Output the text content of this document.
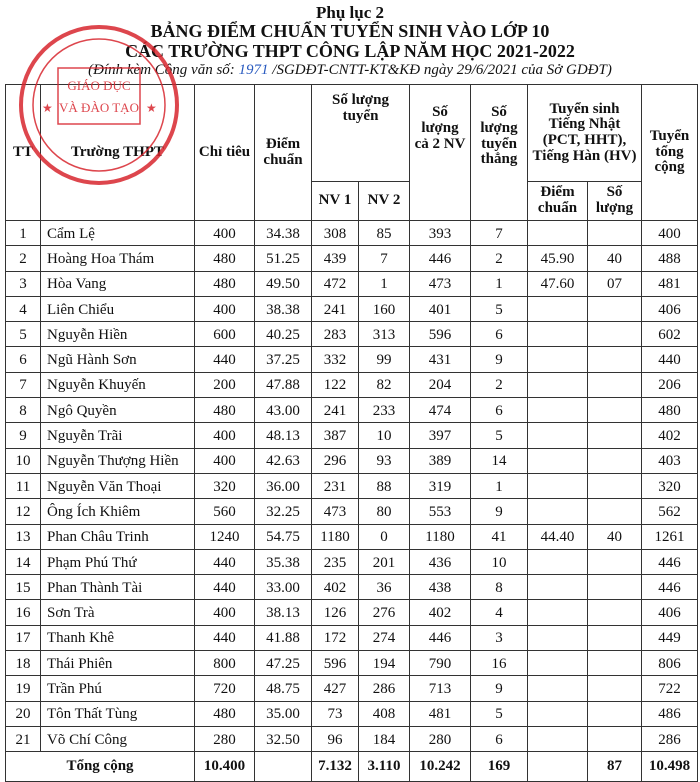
Phụ lục 2
BẢNG ĐIỂM CHUẨN TUYỂN SINH VÀO LỚP 10
CÁC TRƯỜNG THPT CÔNG LẬP NĂM HỌC 2021-2022
(Đính kèm Công văn số: 1971 /SGDĐT-CNTT-KT&KĐ ngày 29/6/2021 của Sở GDĐT)
TT	Trường THPT	Chỉ tiêu	Điểm chuẩn	Số lượng tuyển		Số lượng cả 2 NV	Số lượng tuyển thẳng	Tuyển sinh Tiếng Nhật (PCT, HHT), Tiếng Hàn (HV)		Tuyển tổng cộng
				NV 1	NV 2			Điểm chuẩn	Số lượng	
1	Cẩm Lệ	400	34.38	308	85	393	7			400
2	Hoàng Hoa Thám	480	51.25	439	7	446	2	45.90	40	488
3	Hòa Vang	480	49.50	472	1	473	1	47.60	07	481
4	Liên Chiểu	400	38.38	241	160	401	5			406
5	Nguyễn Hiền	600	40.25	283	313	596	6			602
6	Ngũ Hành Sơn	440	37.25	332	99	431	9			440
7	Nguyễn Khuyến	200	47.88	122	82	204	2			206
8	Ngô Quyền	480	43.00	241	233	474	6			480
9	Nguyễn Trãi	400	48.13	387	10	397	5			402
10	Nguyễn Thượng Hiền	400	42.63	296	93	389	14			403
11	Nguyễn Văn Thoại	320	36.00	231	88	319	1			320
12	Ông Ích Khiêm	560	32.25	473	80	553	9			562
13	Phan Châu Trinh	1240	54.75	1180	0	1180	41	44.40	40	1261
14	Phạm Phú Thứ	440	35.38	235	201	436	10			446
15	Phan Thành Tài	440	33.00	402	36	438	8			446
16	Sơn Trà	400	38.13	126	276	402	4			406
17	Thanh Khê	440	41.88	172	274	446	3			449
18	Thái Phiên	800	47.25	596	194	790	16			806
19	Trần Phú	720	48.75	427	286	713	9			722
20	Tôn Thất Tùng	480	35.00	73	408	481	5			486
21	Võ Chí Công	280	32.50	96	184	280	6			286
Tổng cộng		10.400		7.132	3.110	10.242	169		87	10.498
GIÁO DỤC
VÀ ĐÀO TẠO
★	★
